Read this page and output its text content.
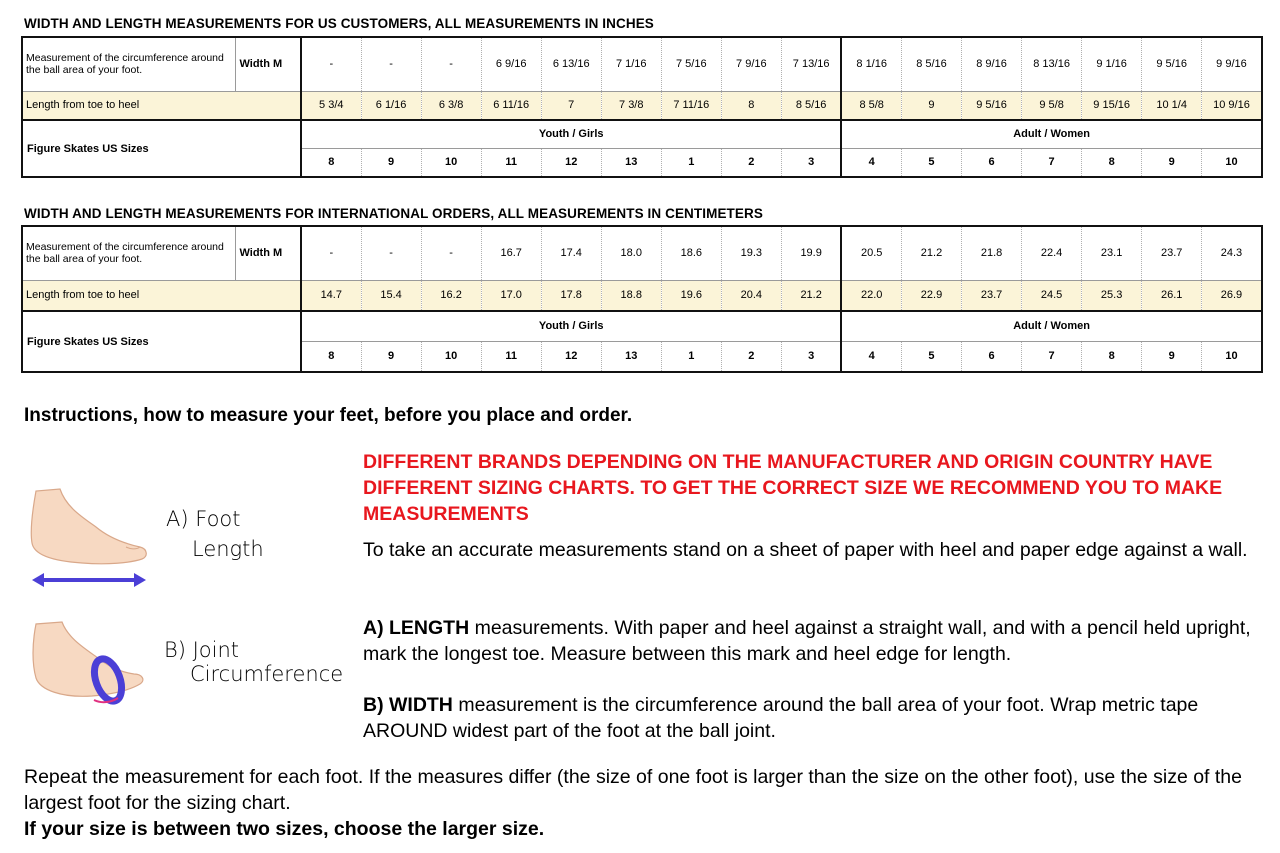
WIDTH AND LENGTH MEASUREMENTS FOR US CUSTOMERS, ALL MEASUREMENTS IN INCHES
Measurement of the circumference around the ball area of your foot.	Width M	-	-	-	6 9/16	6 13/16	7 1/16	7 5/16	7 9/16	7 13/16	8 1/16	8 5/16	8 9/16	8 13/16	9 1/16	9 5/16	9 9/16
Length from toe to heel		5 3/4	6 1/16	6 3/8	6 11/16	7	7 3/8	7 11/16	8	8 5/16	8 5/8	9	9 5/16	9 5/8	9 15/16	10 1/4	10 9/16
Figure Skates US Sizes		Youth / Girls									Adult / Women						
		8	9	10	11	12	13	1	2	3	4	5	6	7	8	9	10
WIDTH AND LENGTH MEASUREMENTS FOR INTERNATIONAL ORDERS, ALL MEASUREMENTS IN CENTIMETERS
Measurement of the circumference around the ball area of your foot.	Width M	-	-	-	16.7	17.4	18.0	18.6	19.3	19.9	20.5	21.2	21.8	22.4	23.1	23.7	24.3
Length from toe to heel		14.7	15.4	16.2	17.0	17.8	18.8	19.6	20.4	21.2	22.0	22.9	23.7	24.5	25.3	26.1	26.9
Figure Skates US Sizes		Youth / Girls									Adult / Women						
		8	9	10	11	12	13	1	2	3	4	5	6	7	8	9	10
Instructions, how to measure your feet, before you place and order.
A) Foot
Length
B) Joint
Circumference
DIFFERENT BRANDS DEPENDING ON THE MANUFACTURER AND ORIGIN COUNTRY HAVE DIFFERENT SIZING CHARTS. TO GET THE CORRECT SIZE WE RECOMMEND YOU TO MAKE MEASUREMENTS
To take an accurate measurements stand on a sheet of paper with heel and paper edge against a wall.
A) LENGTH measurements. With paper and heel against a straight wall, and with a pencil held upright, mark the longest toe. Measure between this mark and heel edge for length.
B) WIDTH measurement is the circumference around the ball area of your foot. Wrap metric tape AROUND widest part of the foot at the ball joint.
Repeat the measurement for each foot. If the measures differ (the size of one foot is larger than the size on the other foot), use the size of the largest foot for the sizing chart.
If your size is between two sizes, choose the larger size.
